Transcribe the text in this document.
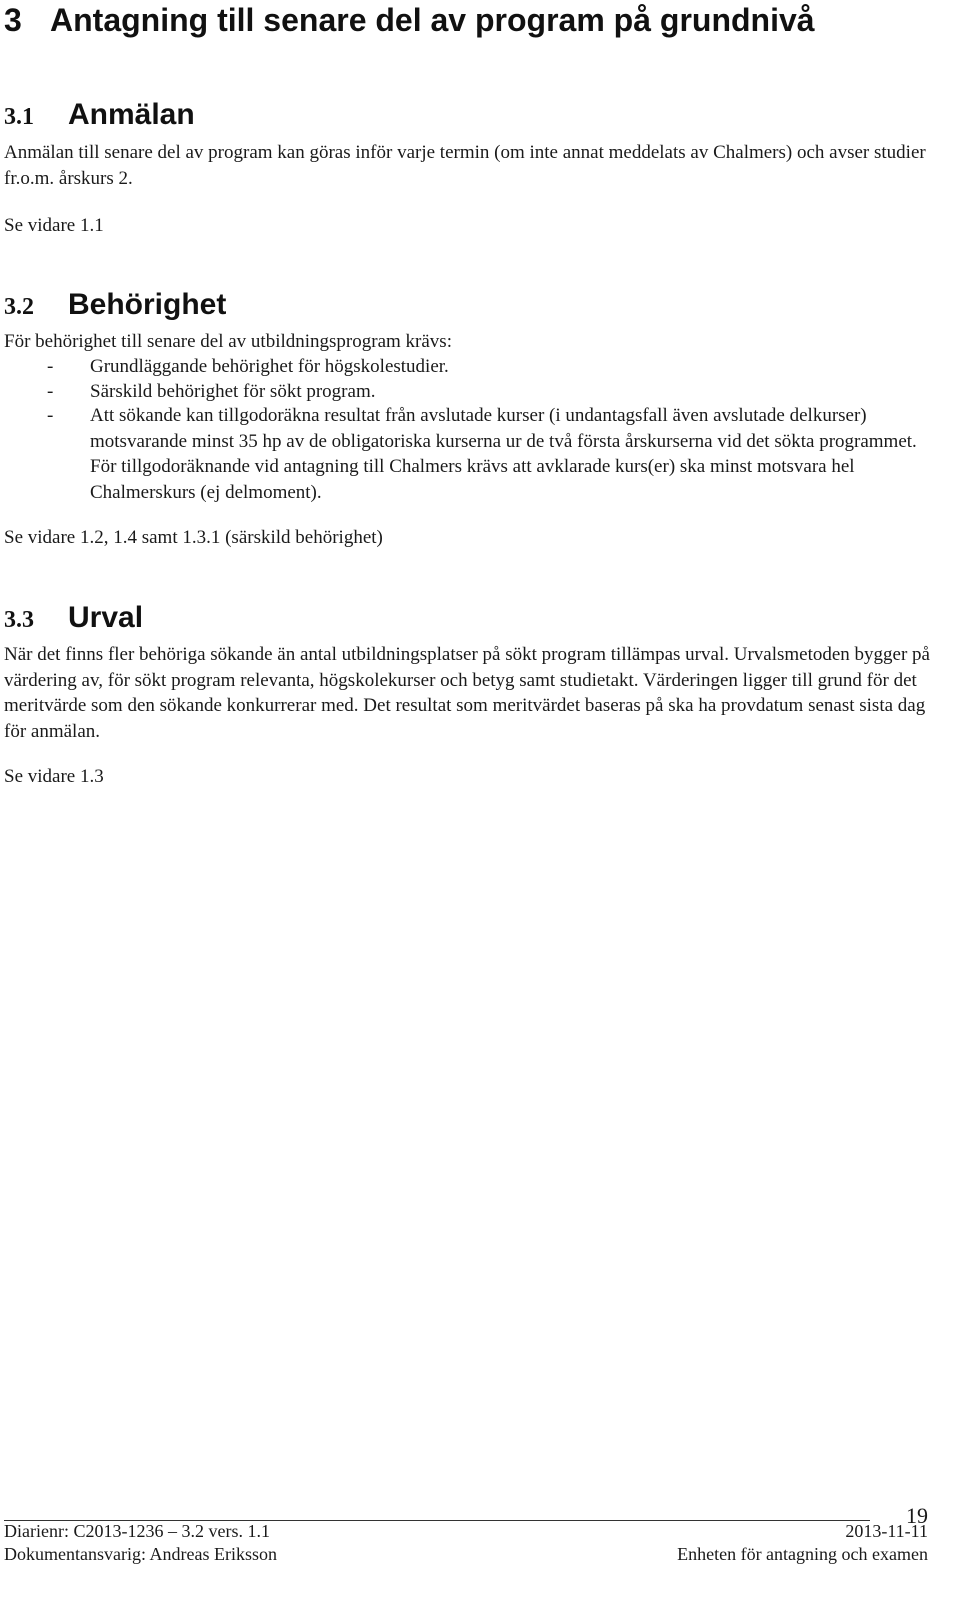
3 Antagning till senare del av program på grundnivå
3.1 Anmälan
Anmälan till senare del av program kan göras inför varje termin (om inte annat meddelats av Chalmers) och avser studier fr.o.m. årskurs 2.
Se vidare 1.1
3.2 Behörighet
För behörighet till senare del av utbildningsprogram krävs:
- Grundläggande behörighet för högskolestudier.
- Särskild behörighet för sökt program.
- Att sökande kan tillgodoräkna resultat från avslutade kurser (i undantagsfall även avslutade delkurser) motsvarande minst 35 hp av de obligatoriska kurserna ur de två första årskurserna vid det sökta programmet. För tillgodoräknande vid antagning till Chalmers krävs att avklarade kurs(er) ska minst motsvara hel Chalmerskurs (ej delmoment).
Se vidare 1.2, 1.4 samt 1.3.1 (särskild behörighet)
3.3 Urval
När det finns fler behöriga sökande än antal utbildningsplatser på sökt program tillämpas urval. Urvalsmetoden bygger på värdering av, för sökt program relevanta, högskolekurser och betyg samt studietakt. Värderingen ligger till grund för det meritvärde som den sökande konkurrerar med. Det resultat som meritvärdet baseras på ska ha provdatum senast sista dag för anmälan.
Se vidare 1.3
19
Diarienr: C2013-1236 – 3.2 vers. 1.1	2013-11-11
Dokumentansvarig: Andreas Eriksson	Enheten för antagning och examen
